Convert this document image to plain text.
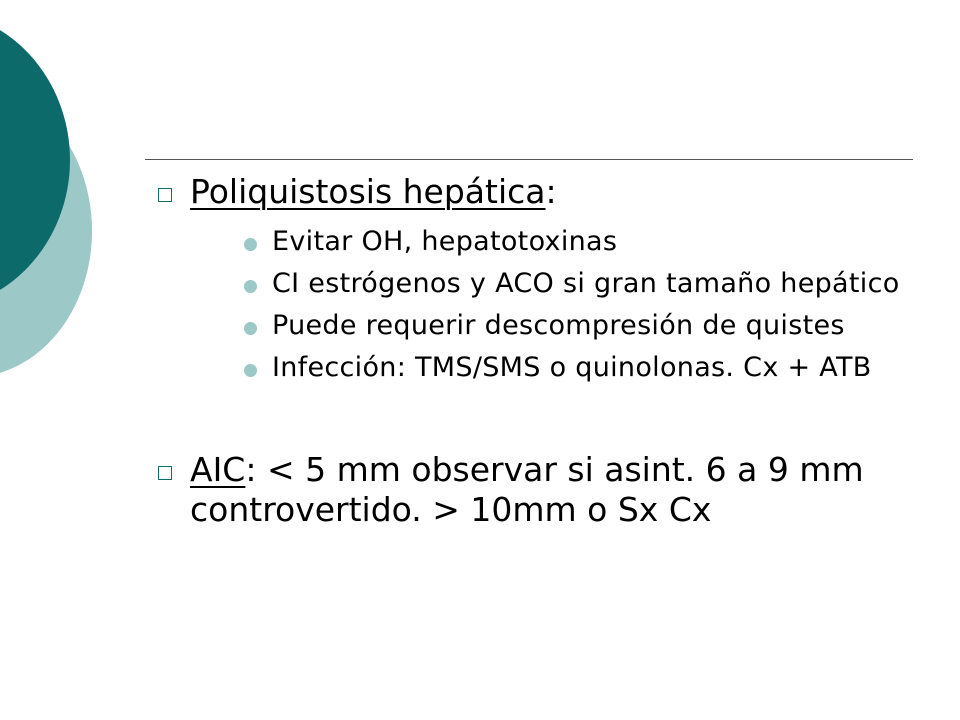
Poliquistosis hepática:
Evitar OH, hepatotoxinas
CI estrógenos y ACO si gran tamaño hepático
Puede requerir descompresión de quistes
Infección: TMS/SMS o quinolonas. Cx + ATB
AIC: < 5 mm observar si asint. 6 a 9 mm controvertido. > 10mm o Sx Cx
